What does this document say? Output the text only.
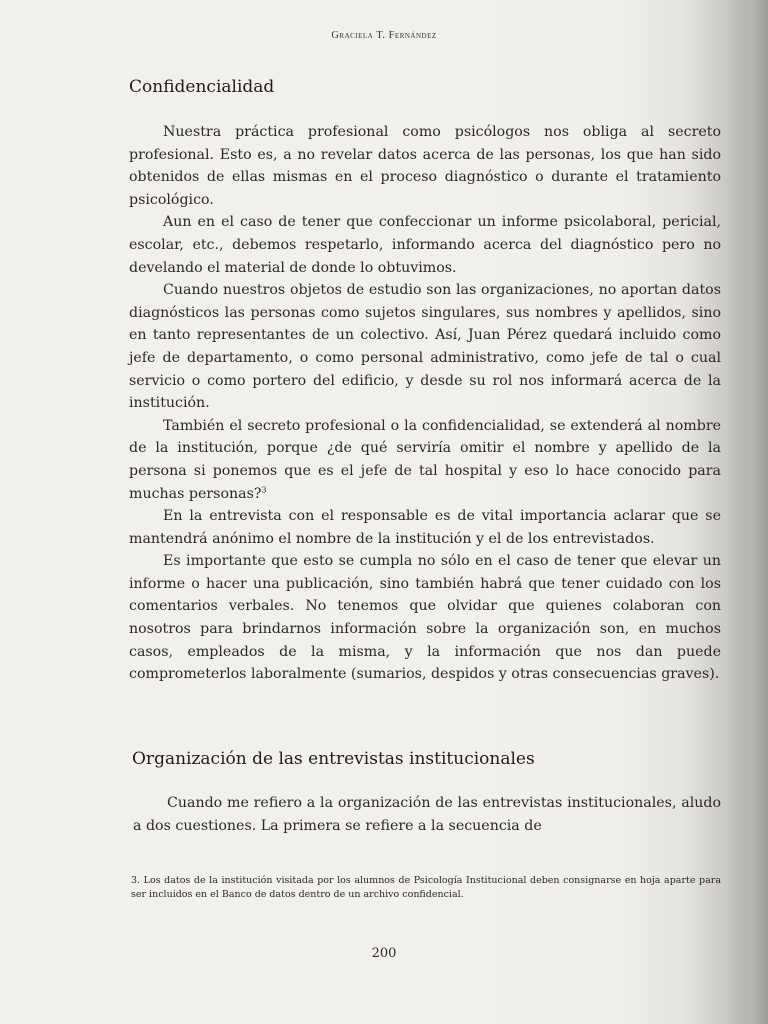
Graciela T. Fernández
Confidencialidad

Nuestra práctica profesional como psicólogos nos obliga al secreto profesional. Esto es, a no revelar datos acerca de las personas, los que han sido obtenidos de ellas mismas en el proceso diagnóstico o durante el tratamiento psicológico.

Aun en el caso de tener que confeccionar un informe psicolaboral, pericial, escolar, etc., debemos respetarlo, informando acerca del diagnóstico pero no develando el material de donde lo obtuvimos.

Cuando nuestros objetos de estudio son las organizaciones, no aportan datos diagnósticos las personas como sujetos singulares, sus nombres y apellidos, sino en tanto representantes de un colectivo. Así, Juan Pérez quedará incluido como jefe de departamento, o como personal administrativo, como jefe de tal o cual servicio o como portero del edificio, y desde su rol nos informará acerca de la institución.

También el secreto profesional o la confidencialidad, se extenderá al nombre de la institución, porque ¿de qué serviría omitir el nombre y apellido de la persona si ponemos que es el jefe de tal hospital y eso lo hace conocido para muchas personas?$^3$

En la entrevista con el responsable es de vital importancia aclarar que se mantendrá anónimo el nombre de la institución y el de los entrevistados.

Es importante que esto se cumpla no sólo en el caso de tener que elevar un informe o hacer una publicación, sino también habrá que tener cuidado con los comentarios verbales. No tenemos que olvidar que quienes colaboran con nosotros para brindarnos información sobre la organización son, en muchos casos, empleados de la misma, y la información que nos dan puede comprometerlos laboralmente (sumarios, despidos y otras consecuencias graves).

Organización de las entrevistas institucionales

Cuando me refiero a la organización de las entrevistas institucionales, aludo a dos cuestiones. La primera se refiere a la secuencia de

3. Los datos de la institución visitada por los alumnos de Psicología Institucional deben consignarse en hoja aparte para ser incluidos en el Banco de datos dentro de un archivo confidencial.
200
